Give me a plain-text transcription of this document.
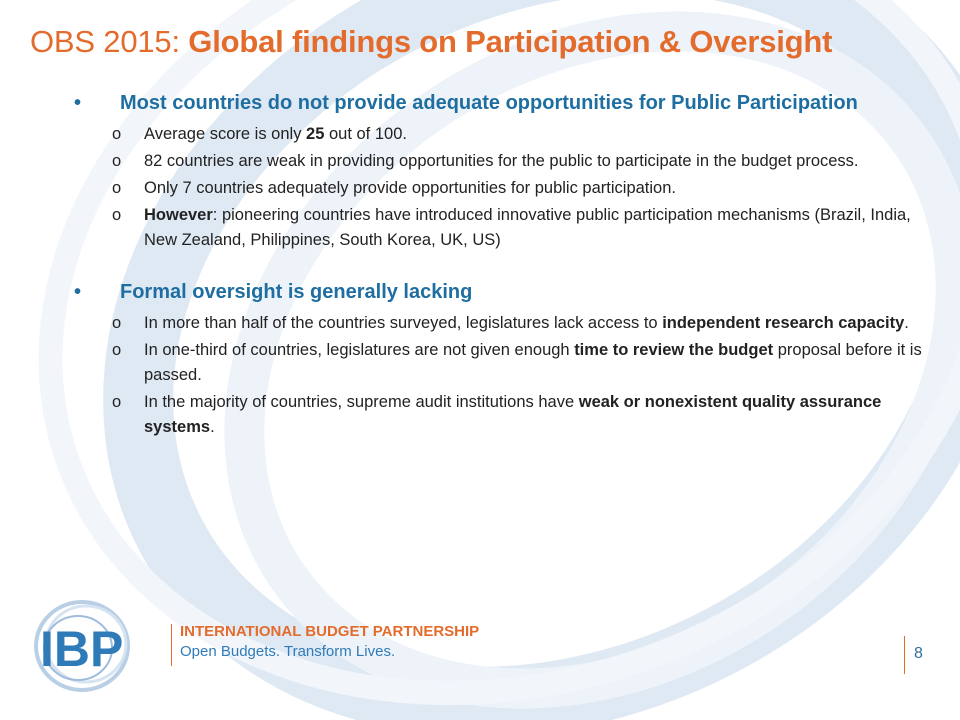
OBS 2015: Global findings on Participation & Oversight
• Most countries do not provide adequate opportunities for Public Participation
o Average score is only 25 out of 100.
o 82 countries are weak in providing opportunities for the public to participate in the budget process.
o Only 7 countries adequately provide opportunities for public participation.
o However: pioneering countries have introduced innovative public participation mechanisms (Brazil, India, New Zealand, Philippines, South Korea, UK, US)
• Formal oversight is generally lacking
o In more than half of the countries surveyed, legislatures lack access to independent research capacity.
o In one-third of countries, legislatures are not given enough time to review the budget proposal before it is passed.
o In the majority of countries, supreme audit institutions have weak or nonexistent quality assurance systems.
IBP	INTERNATIONAL BUDGET PARTNERSHIP
Open Budgets. Transform Lives.	8
